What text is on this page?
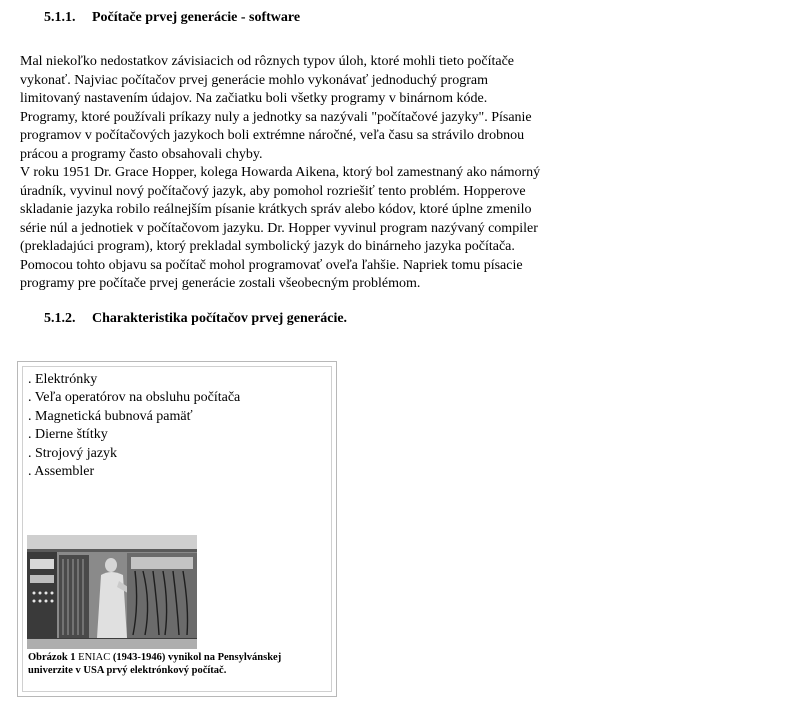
5.1.1. Počítače prvej generácie - software
Mal niekoľko nedostatkov závisiacich od rôznych typov úloh, ktoré mohli tieto počítače
vykonať. Najviac počítačov prvej generácie mohlo vykonávať jednoduchý program
limitovaný nastavením údajov. Na začiatku boli všetky programy v binárnom kóde.
Programy, ktoré používali príkazy nuly a jednotky sa nazývali "počítačové jazyky". Písanie
programov v počítačových jazykoch boli extrémne náročné, veľa času sa strávilo drobnou
prácou a programy často obsahovali chyby.
V roku 1951 Dr. Grace Hopper, kolega Howarda Aikena, ktorý bol zamestnaný ako námorný
úradník, vyvinul nový počítačový jazyk, aby pomohol rozriešiť tento problém. Hopperove
skladanie jazyka robilo reálnejším písanie krátkych správ alebo kódov, ktoré úplne zmenilo
série núl a jednotiek v počítačovom jazyku. Dr. Hopper vyvinul program nazývaný compiler
(prekladajúci program), ktorý prekladal symbolický jazyk do binárneho jazyka počítača.
Pomocou tohto objavu sa počítač mohol programovať oveľa ľahšie. Napriek tomu písacie
programy pre počítače prvej generácie zostali všeobecným problémom.
5.1.2. Charakteristika počítačov prvej generácie.
. Elektrónky
. Veľa operatórov na obsluhu počítača
. Magnetická bubnová pamäť
. Dierne štítky
. Strojový jazyk
. Assembler
Obrázok 1 ENIAC (1943-1946) vynikol na Pensylvánskej
univerzite v USA prvý elektrónkový počítač.
